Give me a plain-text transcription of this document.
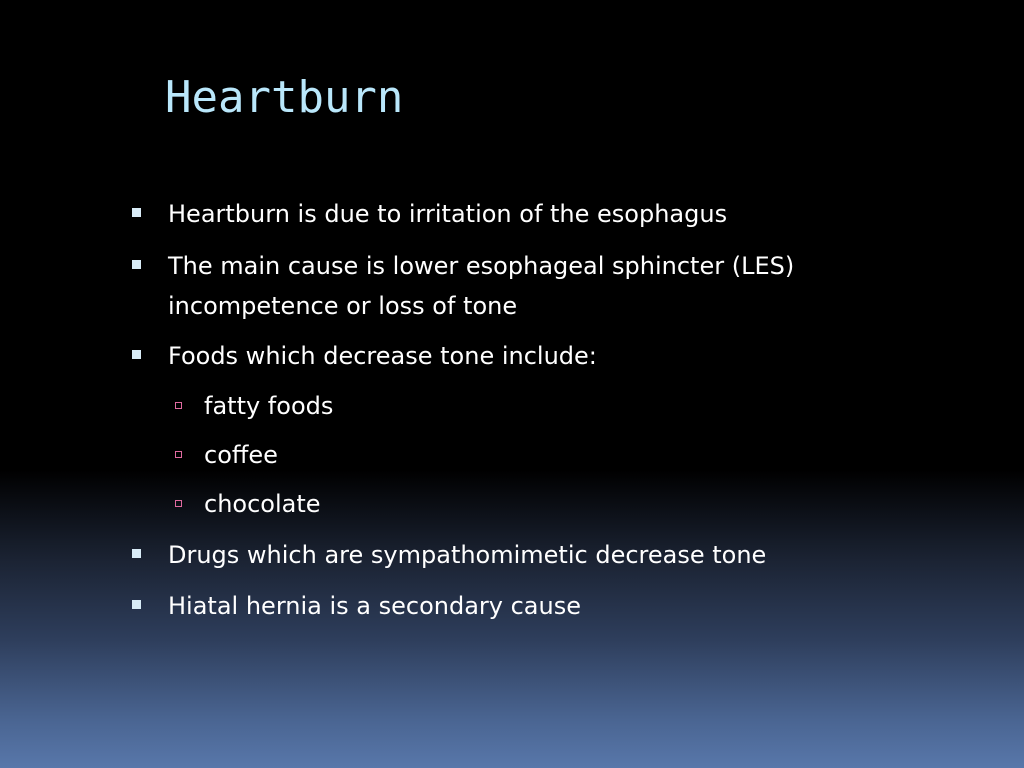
Heartburn
Heartburn is due to irritation of the esophagus
The main cause is lower esophageal sphincter (LES)
incompetence or loss of tone
Foods which decrease tone include:
fatty foods
coffee
chocolate
Drugs which are sympathomimetic decrease tone
Hiatal hernia is a secondary cause
